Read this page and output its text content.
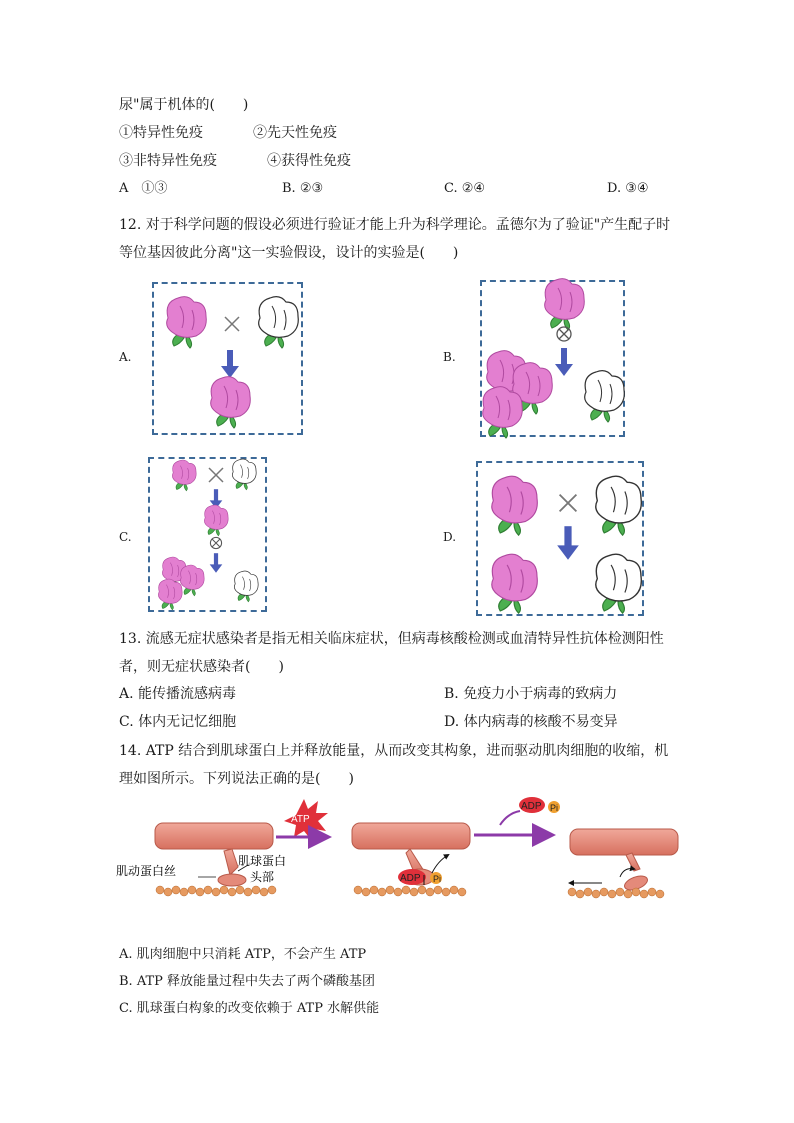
尿"属于机体的(　　)
①特异性免疫	②先天性免疫
③非特异性免疫	④获得性免疫
A　①③	B. ②③	C. ②④	D. ③④
12. 对于科学问题的假设必须进行验证才能上升为科学理论。孟德尔为了验证"产生配子时
等位基因彼此分离"这一实验假设，设计的实验是(　　)
A.	B.
C.	D.
13. 流感无症状感染者是指无相关临床症状，但病毒核酸检测或血清特异性抗体检测阳性
者，则无症状感染者(　　)
A. 能传播流感病毒	B. 免疫力小于病毒的致病力
C. 体内无记忆细胞	D. 体内病毒的核酸不易变异
14. ATP 结合到肌球蛋白上并释放能量，从而改变其构象，进而驱动肌肉细胞的收缩，机
理如图所示。下列说法正确的是(　　)
肌动蛋白丝
肌球蛋白
头部
ATP
ADP Pi
ADP Pi
A. 肌肉细胞中只消耗 ATP，不会产生 ATP
B. ATP 释放能量过程中失去了两个磷酸基团
C. 肌球蛋白构象的改变依赖于 ATP 水解供能
